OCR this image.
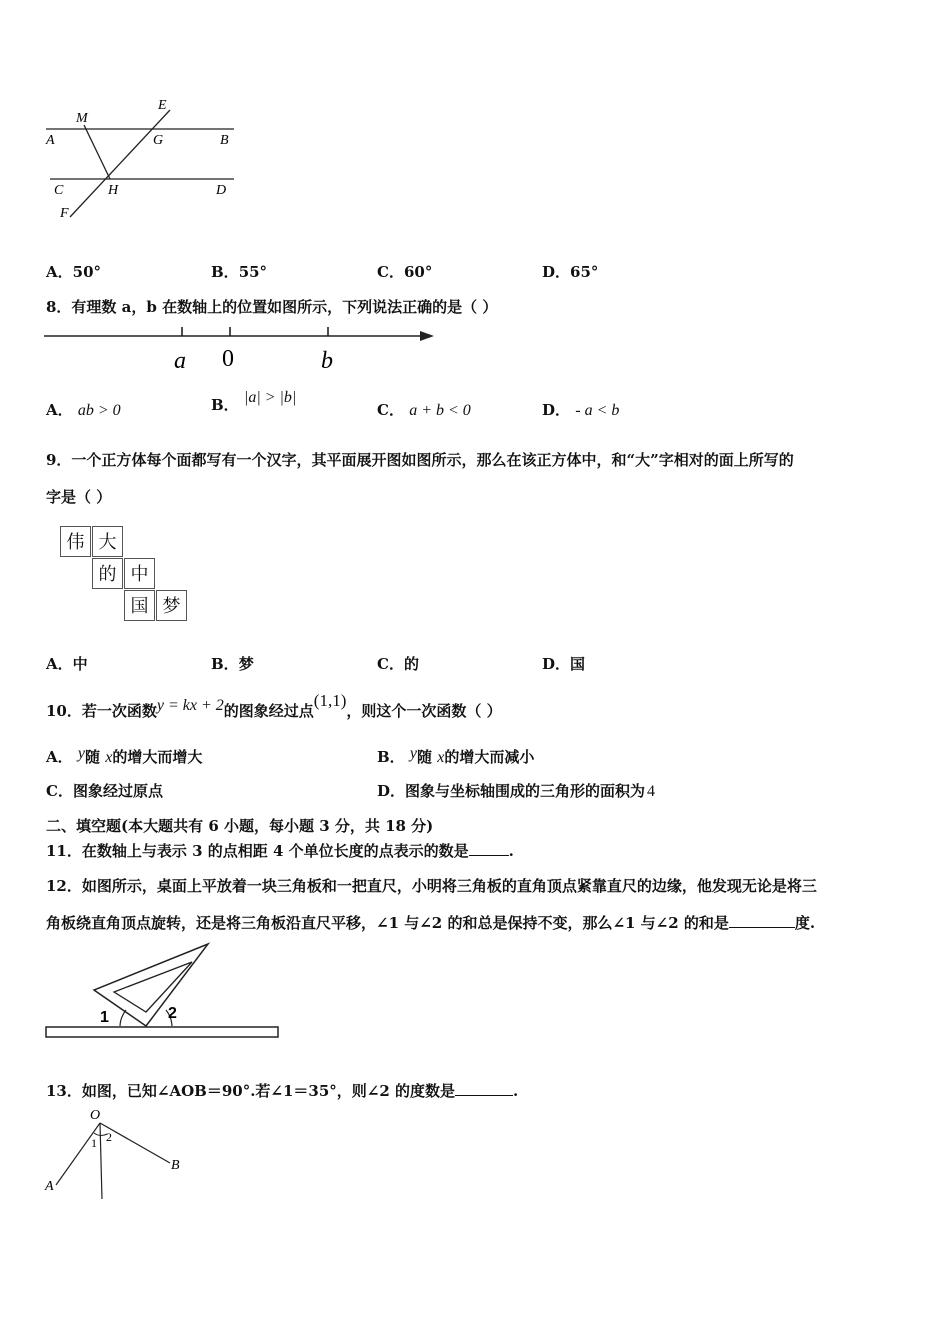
A	B
C	D
E
F
G
H
M
A．50°	B．55°	C．60°	D．65°
8．有理数 a，b 在数轴上的位置如图所示，下列说法正确的是（ ）
a 0	b
A． ab > 0	B． |a| > |b|
C． a + b < 0	D． - a < b
9．一个正方体每个面都写有一个汉字，其平面展开图如图所示，那么在该正方体中，和“大”字相对的面上所写的
字是（ ）
伟 大
的 中
国 梦
A．中	B．梦	C．的	D．国
10．若一次函数y = kx + 2的图象经过点(1,1)，则这个一次函数（ ）
A． y随 x的增大而增大	B． y随 x的增大而减小
C．图象经过原点	D．图象与坐标轴围成的三角形的面积为 4
二、填空题(本大题共有 6 小题，每小题 3 分，共 18 分)
11．在数轴上与表示 3 的点相距 4 个单位长度的点表示的数是	.
12．如图所示，桌面上平放着一块三角板和一把直尺，小明将三角板的直角顶点紧靠直尺的边缘，他发现无论是将三
角板绕直角顶点旋转，还是将三角板沿直尺平移，∠1 与∠2 的和总是保持不变，那么∠1 与∠2 的和是	度.
1	2
13．如图，已知∠AOB＝90°.若∠1＝35°，则∠2 的度数是	.
O
A
B
1 2
